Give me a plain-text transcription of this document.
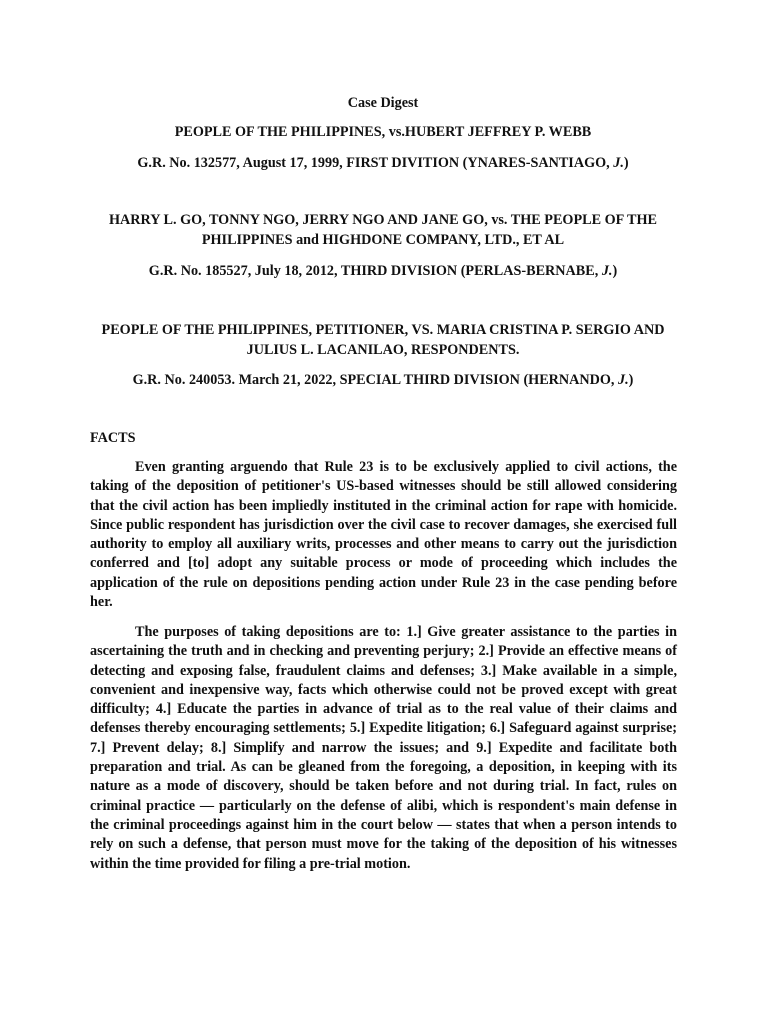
Case Digest
PEOPLE OF THE PHILIPPINES, vs.HUBERT JEFFREY P. WEBB
G.R. No. 132577, August 17, 1999, FIRST DIVITION (YNARES-SANTIAGO, J.)
HARRY L. GO, TONNY NGO, JERRY NGO AND JANE GO, vs. THE PEOPLE OF THE PHILIPPINES and HIGHDONE COMPANY, LTD., ET AL
G.R. No. 185527, July 18, 2012, THIRD DIVISION (PERLAS-BERNABE, J.)
PEOPLE OF THE PHILIPPINES, PETITIONER, VS. MARIA CRISTINA P. SERGIO AND JULIUS L. LACANILAO, RESPONDENTS.
G.R. No. 240053. March 21, 2022, SPECIAL THIRD DIVISION (HERNANDO, J.)
FACTS

Even granting arguendo that Rule 23 is to be exclusively applied to civil actions, the taking of the deposition of petitioner's US-based witnesses should be still allowed considering that the civil action has been impliedly instituted in the criminal action for rape with homicide. Since public respondent has jurisdiction over the civil case to recover damages, she exercised full authority to employ all auxiliary writs, processes and other means to carry out the jurisdiction conferred and [to] adopt any suitable process or mode of proceeding which includes the application of the rule on depositions pending action under Rule 23 in the case pending before her.

The purposes of taking depositions are to: 1.] Give greater assistance to the parties in ascertaining the truth and in checking and preventing perjury; 2.] Provide an effective means of detecting and exposing false, fraudulent claims and defenses; 3.] Make available in a simple, convenient and inexpensive way, facts which otherwise could not be proved except with great difficulty; 4.] Educate the parties in advance of trial as to the real value of their claims and defenses thereby encouraging settlements; 5.] Expedite litigation; 6.] Safeguard against surprise; 7.] Prevent delay; 8.] Simplify and narrow the issues; and 9.] Expedite and facilitate both preparation and trial. As can be gleaned from the foregoing, a deposition, in keeping with its nature as a mode of discovery, should be taken before and not during trial. In fact, rules on criminal practice — particularly on the defense of alibi, which is respondent's main defense in the criminal proceedings against him in the court below — states that when a person intends to rely on such a defense, that person must move for the taking of the deposition of his witnesses within the time provided for filing a pre-trial motion.
